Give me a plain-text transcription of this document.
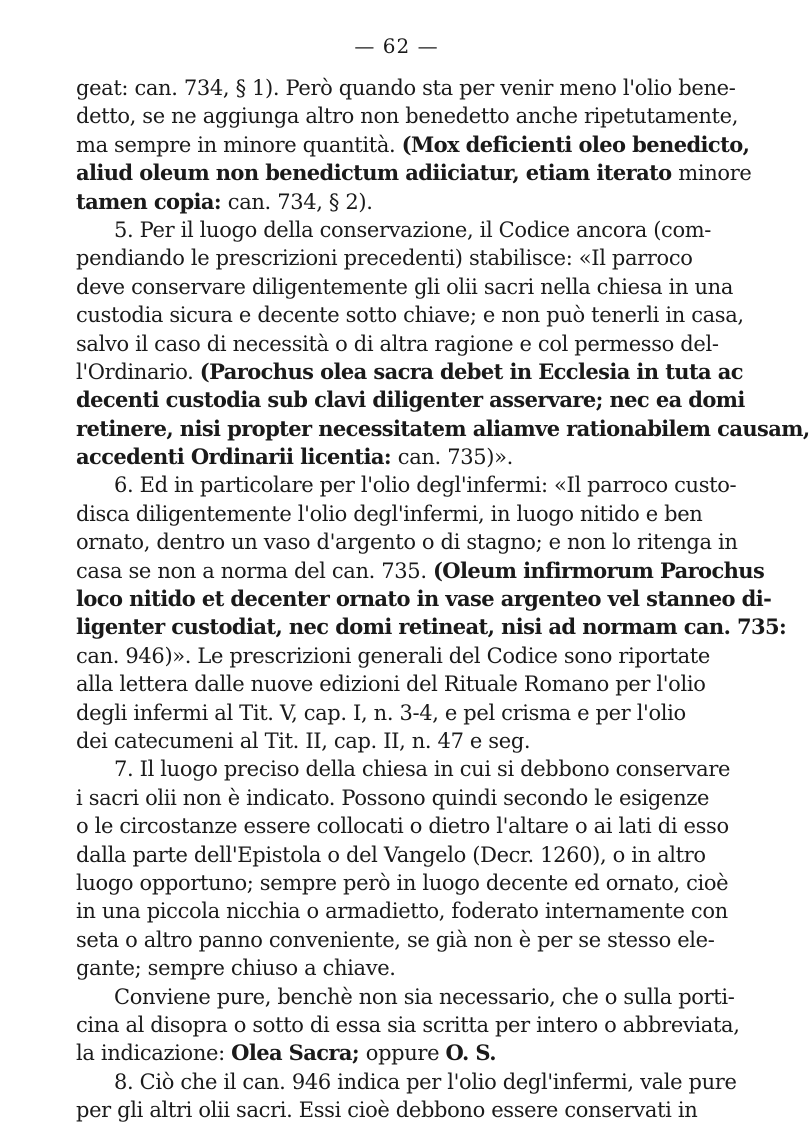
— 62 —
geat: can. 734, § 1). Però quando sta per venir meno l'olio bene-
detto, se ne aggiunga altro non benedetto anche ripetutamente,
ma sempre in minore quantità. (Mox deficienti oleo benedicto,
aliud oleum non benedictum adiiciatur, etiam iterato minore
tamen copia: can. 734, § 2).
5. Per il luogo della conservazione, il Codice ancora (com-
pendiando le prescrizioni precedenti) stabilisce: «Il parroco
deve conservare diligentemente gli olii sacri nella chiesa in una
custodia sicura e decente sotto chiave; e non può tenerli in casa,
salvo il caso di necessità o di altra ragione e col permesso del-
l'Ordinario. (Parochus olea sacra debet in Ecclesia in tuta ac
decenti custodia sub clavi diligenter asservare; nec ea domi
retinere, nisi propter necessitatem aliamve rationabilem causam,
accedenti Ordinarii licentia: can. 735)».
6. Ed in particolare per l'olio degl'infermi: «Il parroco custo-
disca diligentemente l'olio degl'infermi, in luogo nitido e ben
ornato, dentro un vaso d'argento o di stagno; e non lo ritenga in
casa se non a norma del can. 735. (Oleum infirmorum Parochus
loco nitido et decenter ornato in vase argenteo vel stanneo di-
ligenter custodiat, nec domi retineat, nisi ad normam can. 735:
can. 946)». Le prescrizioni generali del Codice sono riportate
alla lettera dalle nuove edizioni del Rituale Romano per l'olio
degli infermi al Tit. V, cap. I, n. 3-4, e pel crisma e per l'olio
dei catecumeni al Tit. II, cap. II, n. 47 e seg.
7. Il luogo preciso della chiesa in cui si debbono conservare
i sacri olii non è indicato. Possono quindi secondo le esigenze
o le circostanze essere collocati o dietro l'altare o ai lati di esso
dalla parte dell'Epistola o del Vangelo (Decr. 1260), o in altro
luogo opportuno; sempre però in luogo decente ed ornato, cioè
in una piccola nicchia o armadietto, foderato internamente con
seta o altro panno conveniente, se già non è per se stesso ele-
gante; sempre chiuso a chiave.
Conviene pure, benchè non sia necessario, che o sulla porti-
cina al disopra o sotto di essa sia scritta per intero o abbreviata,
la indicazione: Olea Sacra; oppure O. S.
8. Ciò che il can. 946 indica per l'olio degl'infermi, vale pure
per gli altri olii sacri. Essi cioè debbono essere conservati in
